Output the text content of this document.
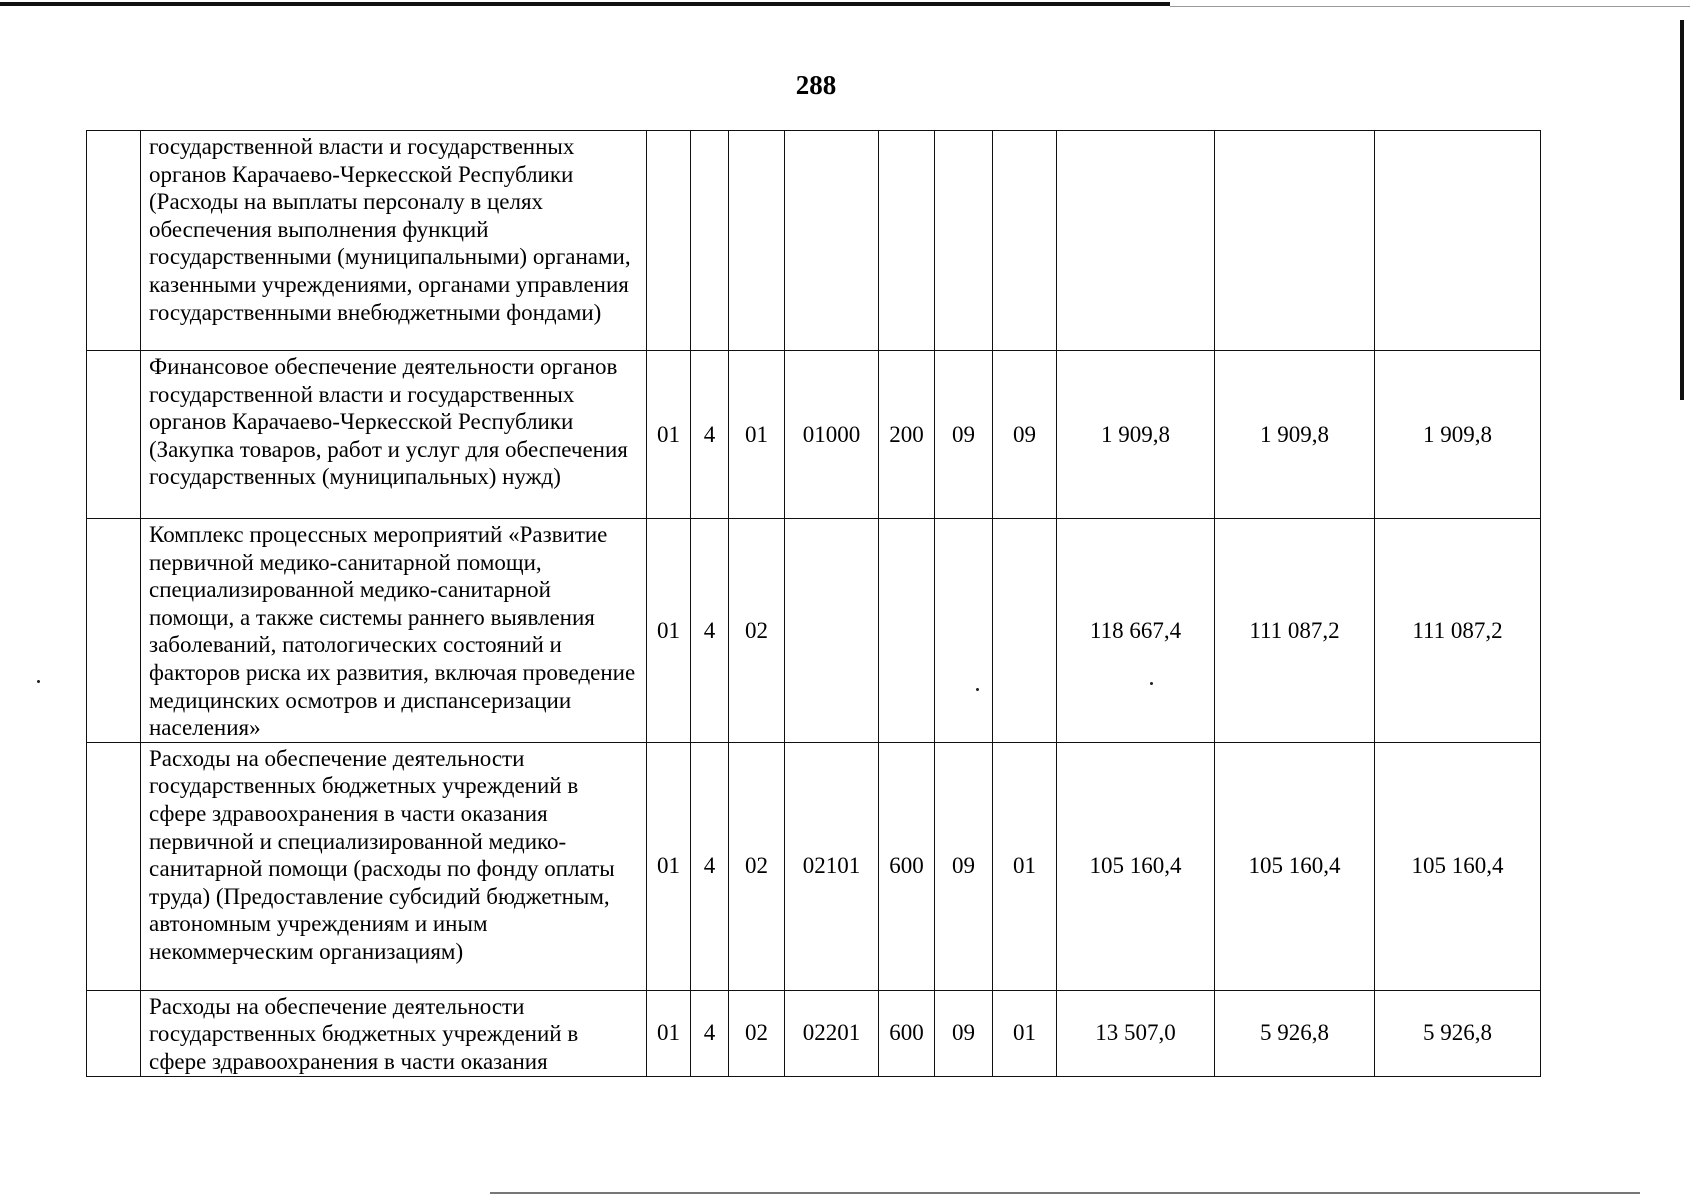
288
	государственной власти и государственных органов Карачаево-Черкесской Республики (Расходы на выплаты персоналу в целях обеспечения выполнения функций государственными (муниципальными) органами, казенными учреждениями, органами управления государственными внебюджетными фондами)										
	Финансовое обеспечение деятельности органов государственной власти и государственных органов Карачаево-Черкесской Республики (Закупка товаров, работ и услуг для обеспечения государственных (муниципальных) нужд)	01	4	01	01000	200	09	09	1 909,8	1 909,8	1 909,8
	Комплекс процессных мероприятий «Развитие первичной медико-санитарной помощи, специализированной медико-санитарной помощи, а также системы раннего выявления заболеваний, патологических состояний и факторов риска их развития, включая проведение медицинских осмотров и диспансеризации населения»	01	4	02					118 667,4	111 087,2	111 087,2
	Расходы на обеспечение деятельности государственных бюджетных учреждений в сфере здравоохранения в части оказания первичной и специализированной медико-санитарной помощи (расходы по фонду оплаты труда) (Предоставление субсидий бюджетным, автономным учреждениям и иным некоммерческим организациям)	01	4	02	02101	600	09	01	105 160,4	105 160,4	105 160,4
	Расходы на обеспечение деятельности государственных бюджетных учреждений в сфере здравоохранения в части оказания	01	4	02	02201	600	09	01	13 507,0	5 926,8	5 926,8
